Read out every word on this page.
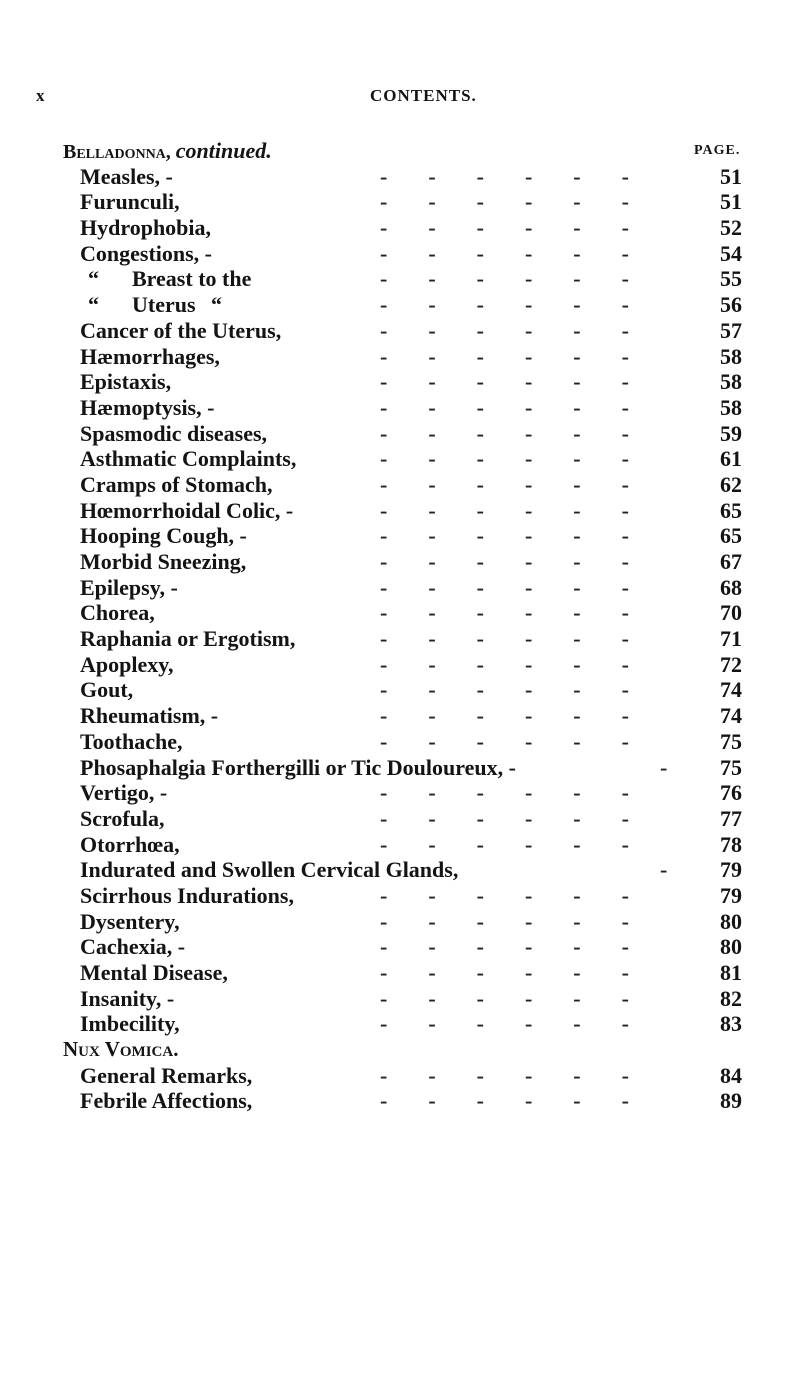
x	CONTENTS.
Belladonna, continued.	PAGE.
Measles, -	------	51
Furunculi,	------	51
Hydrophobia,	------	52
Congestions, -	------	54
“ Breast to the	------	55
“ Uterus “	------	56
Cancer of the Uterus,	------	57
Hæmorrhages,	------	58
Epistaxis,	------	58
Hæmoptysis, -	------	58
Spasmodic diseases,	------	59
Asthmatic Complaints,	------	61
Cramps of Stomach,	------	62
Hœmorrhoidal Colic, -	------	65
Hooping Cough, -	------	65
Morbid Sneezing,	------	67
Epilepsy, -	------	68
Chorea,	------	70
Raphania or Ergotism,	------	71
Apoplexy,	------	72
Gout,	------	74
Rheumatism, -	------	74
Toothache,	------	75
Phosaphalgia Forthergilli or Tic Douloureux, -	- 75
Vertigo, -	------	76
Scrofula,	------	77
Otorrhœa,	------	78
Indurated and Swollen Cervical Glands,	- 79
Scirrhous Indurations,	------	79
Dysentery,	------	80
Cachexia, -	------	80
Mental Disease,	------	81
Insanity, -	------	82
Imbecility,	------	83
Nux Vomica.
General Remarks,	------	84
Febrile Affections,	------	89
